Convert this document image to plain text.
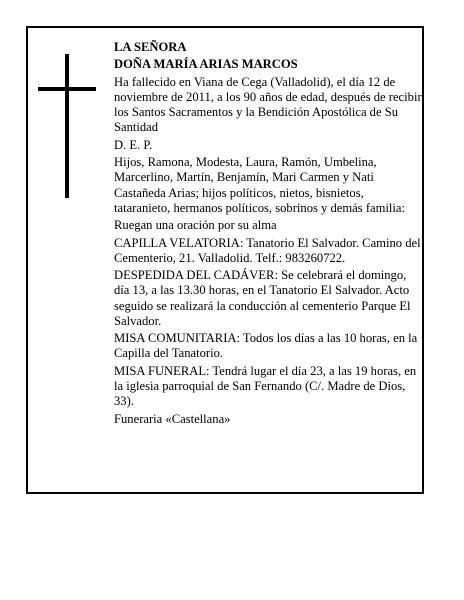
LA SEÑORA

DOÑA MARÍA ARIAS MARCOS

Ha fallecido en Viana de Cega (Valladolid), el día 12 de noviembre de 2011, a los 90 años de edad, después de recibir los Santos Sacramentos y la Bendición Apostólica de Su Santidad

D. E. P.

Hijos, Ramona, Modesta, Laura, Ramón, Umbelina, Marcerlino, Martín, Benjamín, Mari Carmen y Nati Castañeda Arias; hijos políticos, nietos, bisnietos, tataranieto, hermanos políticos, sobrinos y demás familia:

Ruegan una oración por su alma

CAPILLA VELATORIA: Tanatorio El Salvador. Camino del Cementerio, 21. Valladolid. Telf.: 983260722.

DESPEDIDA DEL CADÁVER: Se celebrará el domingo, día 13, a las 13.30 horas, en el Tanatorio El Salvador. Acto seguido se realizará la conducción al cementerio Parque El Salvador.

MISA COMUNITARIA: Todos los días a las 10 horas, en la Capilla del Tanatorio.

MISA FUNERAL: Tendrá lugar el día 23, a las 19 horas, en la iglesia parroquial de San Fernando (C/. Madre de Dios, 33).

Funeraria «Castellana»
